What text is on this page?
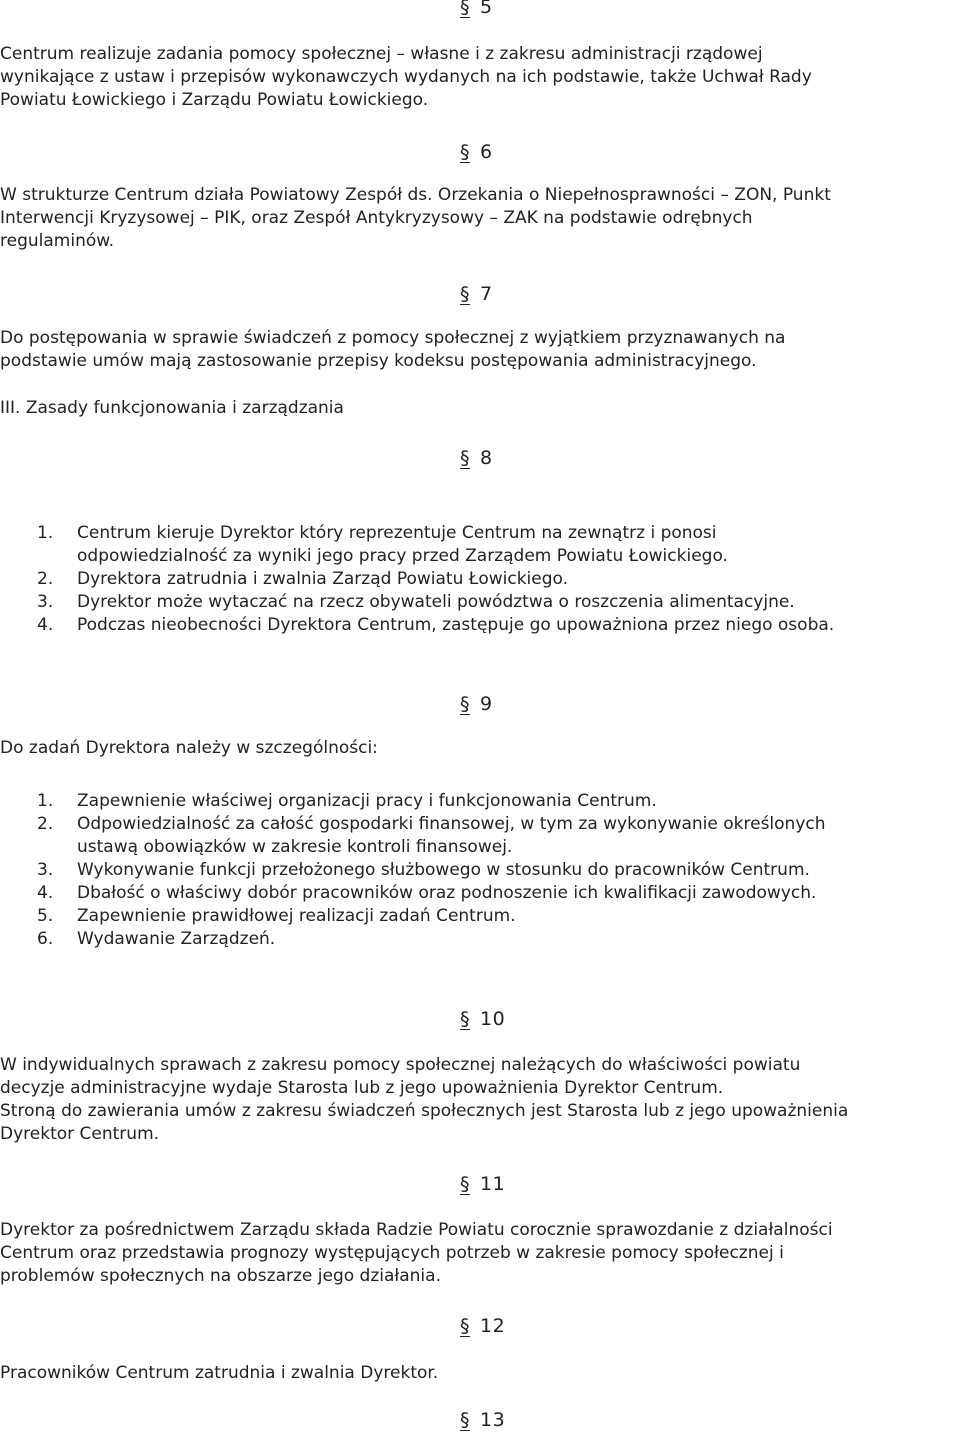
§ 5
Centrum realizuje zadania pomocy społecznej – własne i z zakresu administracji rządowej
wynikające z ustaw i przepisów wykonawczych wydanych na ich podstawie, także Uchwał Rady
Powiatu Łowickiego i Zarządu Powiatu Łowickiego.
§ 6
W strukturze Centrum działa Powiatowy Zespół ds. Orzekania o Niepełnosprawności – ZON, Punkt
Interwencji Kryzysowej – PIK, oraz Zespół Antykryzysowy – ZAK na podstawie odrębnych
regulaminów.
§ 7
Do postępowania w sprawie świadczeń z pomocy społecznej z wyjątkiem przyznawanych na
podstawie umów mają zastosowanie przepisy kodeksu postępowania administracyjnego.
III. Zasady funkcjonowania i zarządzania
§ 8
1. Centrum kieruje Dyrektor który reprezentuje Centrum na zewnątrz i ponosi
odpowiedzialność za wyniki jego pracy przed Zarządem Powiatu Łowickiego.
2. Dyrektora zatrudnia i zwalnia Zarząd Powiatu Łowickiego.
3. Dyrektor może wytaczać na rzecz obywateli powództwa o roszczenia alimentacyjne.
4. Podczas nieobecności Dyrektora Centrum, zastępuje go upoważniona przez niego osoba.
§ 9
Do zadań Dyrektora należy w szczególności:
1. Zapewnienie właściwej organizacji pracy i funkcjonowania Centrum.
2. Odpowiedzialność za całość gospodarki finansowej, w tym za wykonywanie określonych
ustawą obowiązków w zakresie kontroli finansowej.
3. Wykonywanie funkcji przełożonego służbowego w stosunku do pracowników Centrum.
4. Dbałość o właściwy dobór pracowników oraz podnoszenie ich kwalifikacji zawodowych.
5. Zapewnienie prawidłowej realizacji zadań Centrum.
6. Wydawanie Zarządzeń.
§ 10
W indywidualnych sprawach z zakresu pomocy społecznej należących do właściwości powiatu
decyzje administracyjne wydaje Starosta lub z jego upoważnienia Dyrektor Centrum.
Stroną do zawierania umów z zakresu świadczeń społecznych jest Starosta lub z jego upoważnienia
Dyrektor Centrum.
§ 11
Dyrektor za pośrednictwem Zarządu składa Radzie Powiatu corocznie sprawozdanie z działalności
Centrum oraz przedstawia prognozy występujących potrzeb w zakresie pomocy społecznej i
problemów społecznych na obszarze jego działania.
§ 12
Pracowników Centrum zatrudnia i zwalnia Dyrektor.
§ 13
